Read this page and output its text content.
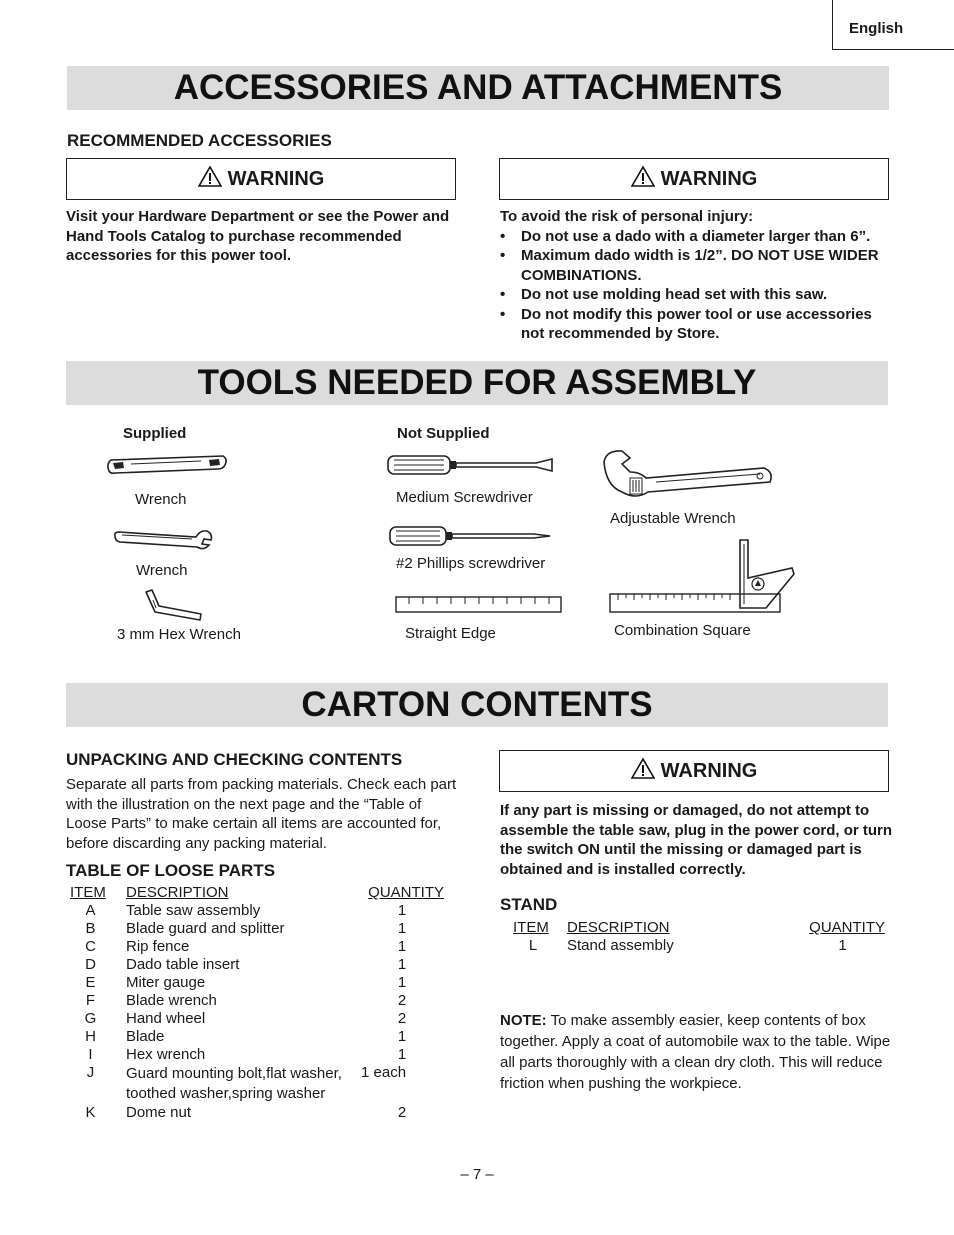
English
ACCESSORIES AND ATTACHMENTS
RECOMMENDED ACCESSORIES
WARNING
Visit your Hardware Department or see the Power and Hand Tools Catalog to purchase recommended accessories for this power tool.
WARNING
To avoid the risk of personal injury:
• Do not use a dado with a diameter larger than 6”.
• Maximum dado width is 1/2”. DO NOT USE WIDER COMBINATIONS.
• Do not use molding head set with this saw.
• Do not modify this power tool or use accessories not recommended by Store.
TOOLS NEEDED FOR ASSEMBLY
Supplied	Not Supplied
Wrench
Wrench
3 mm Hex Wrench
Medium Screwdriver
#2 Phillips screwdriver
Straight Edge
Adjustable Wrench
Combination Square
CARTON CONTENTS
UNPACKING AND CHECKING CONTENTS
Separate all parts from packing materials. Check each part with the illustration on the next page and the “Table of Loose Parts” to make certain all items are accounted for, before discarding any packing material.
TABLE OF LOOSE PARTS
ITEM	DESCRIPTION	QUANTITY
A	Table saw assembly	1
B	Blade guard and splitter	1
C	Rip fence	1
D	Dado table insert	1
E	Miter gauge	1
F	Blade wrench	2
G	Hand wheel	2
H	Blade	1
I	Hex wrench	1
J	Guard mounting bolt,flat washer, toothed washer,spring washer	1 each
K	Dome nut	2
WARNING
If any part is missing or damaged, do not attempt to assemble the table saw, plug in the power cord, or turn the switch ON until the missing or damaged part is obtained and is installed correctly.
STAND
ITEM	DESCRIPTION	QUANTITY
L	Stand assembly	1
NOTE: To make assembly easier, keep contents of box together. Apply a coat of automobile wax to the table. Wipe all parts thoroughly with a clean dry cloth. This will reduce friction when pushing the workpiece.
– 7 –
